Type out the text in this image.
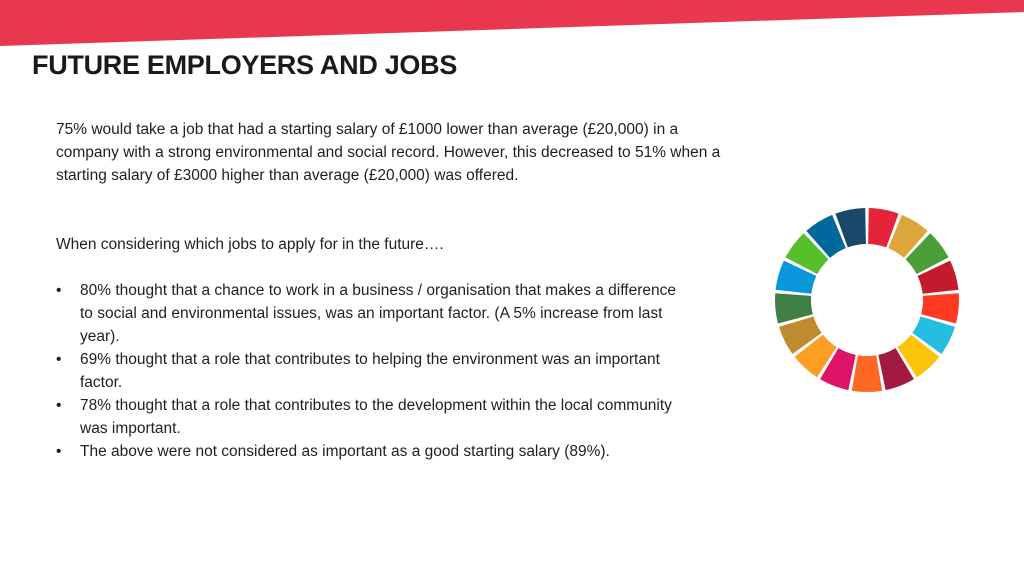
FUTURE EMPLOYERS AND JOBS

75% would take a job that had a starting salary of £1000 lower than average (£20,000) in a company with a strong environmental and social record. However, this decreased to 51% when a starting salary of £3000 higher than average (£20,000) was offered.

When considering which jobs to apply for in the future….

• 80% thought that a chance to work in a business / organisation that makes a difference to social and environmental issues, was an important factor. (A 5% increase from last year).
• 69% thought that a role that contributes to helping the environment was an important factor.
• 78% thought that a role that contributes to the development within the local community was important.
• The above were not considered as important as a good starting salary (89%).
